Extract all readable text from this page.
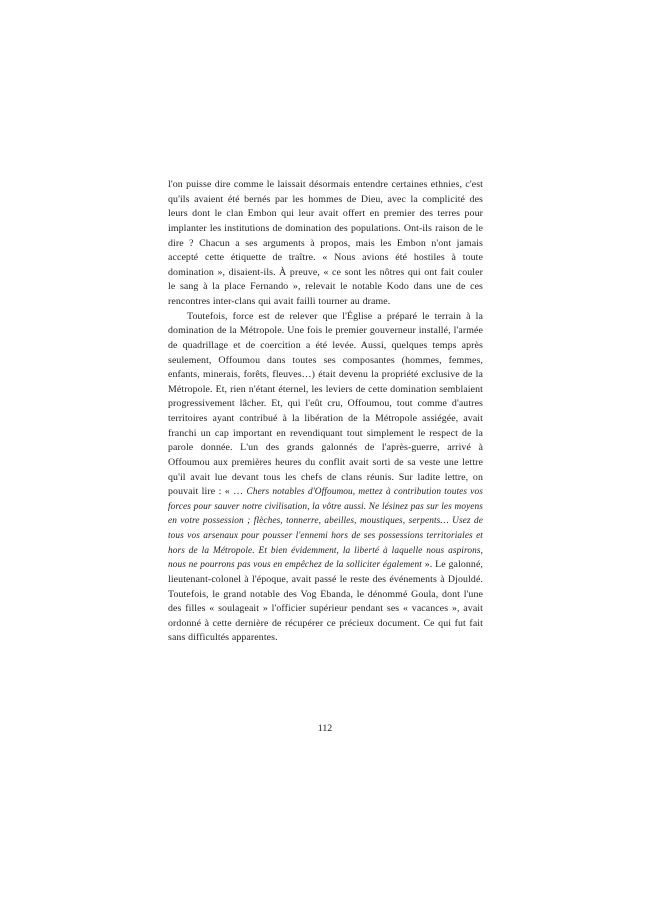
l'on puisse dire comme le laissait désormais entendre certaines ethnies, c'est qu'ils avaient été bernés par les hommes de Dieu, avec la complicité des leurs dont le clan Embon qui leur avait offert en premier des terres pour implanter les institutions de domination des populations. Ont-ils raison de le dire ? Chacun a ses arguments à propos, mais les Embon n'ont jamais accepté cette étiquette de traître. « Nous avions été hostiles à toute domination », disaient-ils. À preuve, « ce sont les nôtres qui ont fait couler le sang à la place Fernando », relevait le notable Kodo dans une de ces rencontres inter-clans qui avait failli tourner au drame.

Toutefois, force est de relever que l'Église a préparé le terrain à la domination de la Métropole. Une fois le premier gouverneur installé, l'armée de quadrillage et de coercition a été levée. Aussi, quelques temps après seulement, Offoumou dans toutes ses composantes (hommes, femmes, enfants, minerais, forêts, fleuves…) était devenu la propriété exclusive de la Métropole. Et, rien n'étant éternel, les leviers de cette domination semblaient progressivement lâcher. Et, qui l'eût cru, Offoumou, tout comme d'autres territoires ayant contribué à la libération de la Métropole assiégée, avait franchi un cap important en revendiquant tout simplement le respect de la parole donnée. L'un des grands galonnés de l'après-guerre, arrivé à Offoumou aux premières heures du conflit avait sorti de sa veste une lettre qu'il avait lue devant tous les chefs de clans réunis. Sur ladite lettre, on pouvait lire : « … Chers notables d'Offoumou, mettez à contribution toutes vos forces pour sauver notre civilisation, la vôtre aussi. Ne lésinez pas sur les moyens en votre possession ; flèches, tonnerre, abeilles, moustiques, serpents… Usez de tous vos arsenaux pour pousser l'ennemi hors de ses possessions territoriales et hors de la Métropole. Et bien évidemment, la liberté à laquelle nous aspirons, nous ne pourrons pas vous en empêchez de la solliciter également ». Le galonné, lieutenant-colonel à l'époque, avait passé le reste des événements à Djouldé. Toutefois, le grand notable des Vog Ebanda, le dénommé Goula, dont l'une des filles « soulageait » l'officier supérieur pendant ses « vacances », avait ordonné à cette dernière de récupérer ce précieux document. Ce qui fut fait sans difficultés apparentes.

112
